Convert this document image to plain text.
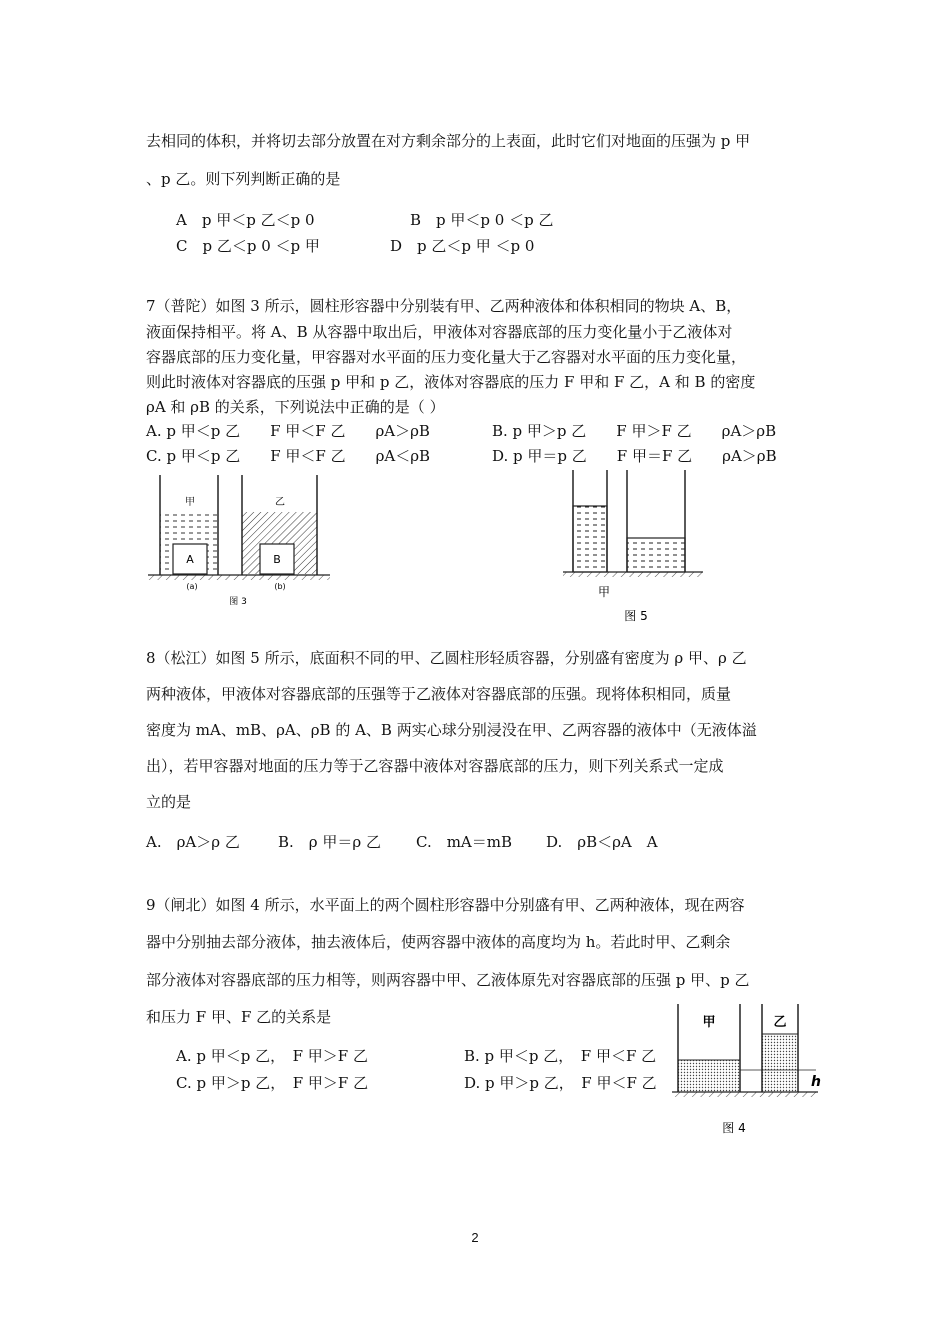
去相同的体积，并将切去部分放置在对方剩余部分的上表面，此时它们对地面的压强为 p 甲
、p 乙。则下列判断正确的是
A　p 甲＜p 乙＜p 0	B　p 甲＜p 0 ＜p 乙
C　p 乙＜p 0 ＜p 甲	D　p 乙＜p 甲 ＜p 0
7（普陀）如图 3 所示，圆柱形容器中分别装有甲、乙两种液体和体积相同的物块 A、B，
液面保持相平。将 A、B 从容器中取出后，甲液体对容器底部的压力变化量小于乙液体对
容器底部的压力变化量，甲容器对水平面的压力变化量大于乙容器对水平面的压力变化量，
则此时液体对容器底的压强 p 甲和 p 乙，液体对容器底的压力 F 甲和 F 乙，A 和 B 的密度
ρA 和 ρB 的关系，下列说法中正确的是（ ）
A. p 甲＜p 乙　　F 甲＜F 乙　　ρA＞ρB	B. p 甲＞p 乙　　F 甲＞F 乙　　ρA＞ρB
C. p 甲＜p 乙　　F 甲＜F 乙　　ρA＜ρB	D. p 甲＝p 乙　　F 甲＝F 乙　　ρA＞ρB
A	B
甲	乙
(a)	(b)
图 3
甲
图 5
8（松江）如图 5 所示，底面积不同的甲、乙圆柱形轻质容器，分别盛有密度为 ρ 甲、ρ 乙
两种液体，甲液体对容器底部的压强等于乙液体对容器底部的压强。现将体积相同，质量
密度为 mA、mB、ρA、ρB 的 A、B 两实心球分别浸没在甲、乙两容器的液体中（无液体溢
出），若甲容器对地面的压力等于乙容器中液体对容器底部的压力，则下列关系式一定成
立的是
A.　ρA＞ρ 乙	B.　ρ 甲＝ρ 乙 C.　mA＝mB D.　ρB＜ρA　A
9（闸北）如图 4 所示，水平面上的两个圆柱形容器中分别盛有甲、乙两种液体，现在两容
器中分别抽去部分液体，抽去液体后，使两容器中液体的高度均为 h。若此时甲、乙剩余
部分液体对容器底部的压力相等，则两容器中甲、乙液体原先对容器底部的压强 p 甲、p 乙
和压力 F 甲、F 乙的关系是
A. p 甲＜p 乙，　F 甲＞F 乙	B. p 甲＜p 乙，　F 甲＜F 乙
C. p 甲＞p 乙，　F 甲＞F 乙	D. p 甲＞p 乙，　F 甲＜F 乙
甲	乙
h
图 4
2
